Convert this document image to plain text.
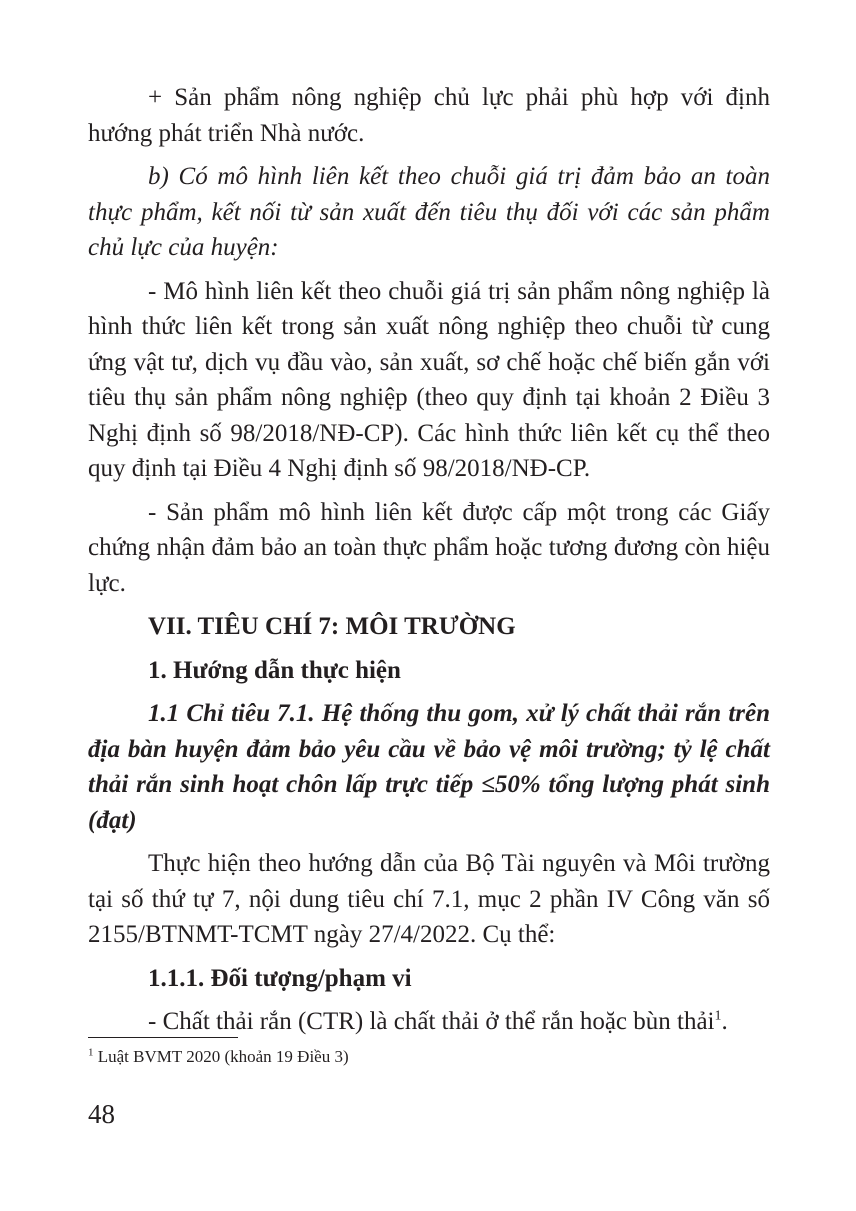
+ Sản phẩm nông nghiệp chủ lực phải phù hợp với định hướng phát triển Nhà nước.

b) Có mô hình liên kết theo chuỗi giá trị đảm bảo an toàn thực phẩm, kết nối từ sản xuất đến tiêu thụ đối với các sản phẩm chủ lực của huyện:

- Mô hình liên kết theo chuỗi giá trị sản phẩm nông nghiệp là hình thức liên kết trong sản xuất nông nghiệp theo chuỗi từ cung ứng vật tư, dịch vụ đầu vào, sản xuất, sơ chế hoặc chế biến gắn với tiêu thụ sản phẩm nông nghiệp (theo quy định tại khoản 2 Điều 3 Nghị định số 98/2018/NĐ-CP). Các hình thức liên kết cụ thể theo quy định tại Điều 4 Nghị định số 98/2018/NĐ-CP.

- Sản phẩm mô hình liên kết được cấp một trong các Giấy chứng nhận đảm bảo an toàn thực phẩm hoặc tương đương còn hiệu lực.

VII. TIÊU CHÍ 7: MÔI TRƯỜNG

1. Hướng dẫn thực hiện

1.1 Chỉ tiêu 7.1. Hệ thống thu gom, xử lý chất thải rắn trên địa bàn huyện đảm bảo yêu cầu về bảo vệ môi trường; tỷ lệ chất thải rắn sinh hoạt chôn lấp trực tiếp ≤50% tổng lượng phát sinh (đạt)

Thực hiện theo hướng dẫn của Bộ Tài nguyên và Môi trường tại số thứ tự 7, nội dung tiêu chí 7.1, mục 2 phần IV Công văn số 2155/BTNMT-TCMT ngày 27/4/2022. Cụ thể:

1.1.1. Đối tượng/phạm vi

- Chất thải rắn (CTR) là chất thải ở thể rắn hoặc bùn thải$^1$.

$^1$ Luật BVMT 2020 (khoản 19 Điều 3)
48
